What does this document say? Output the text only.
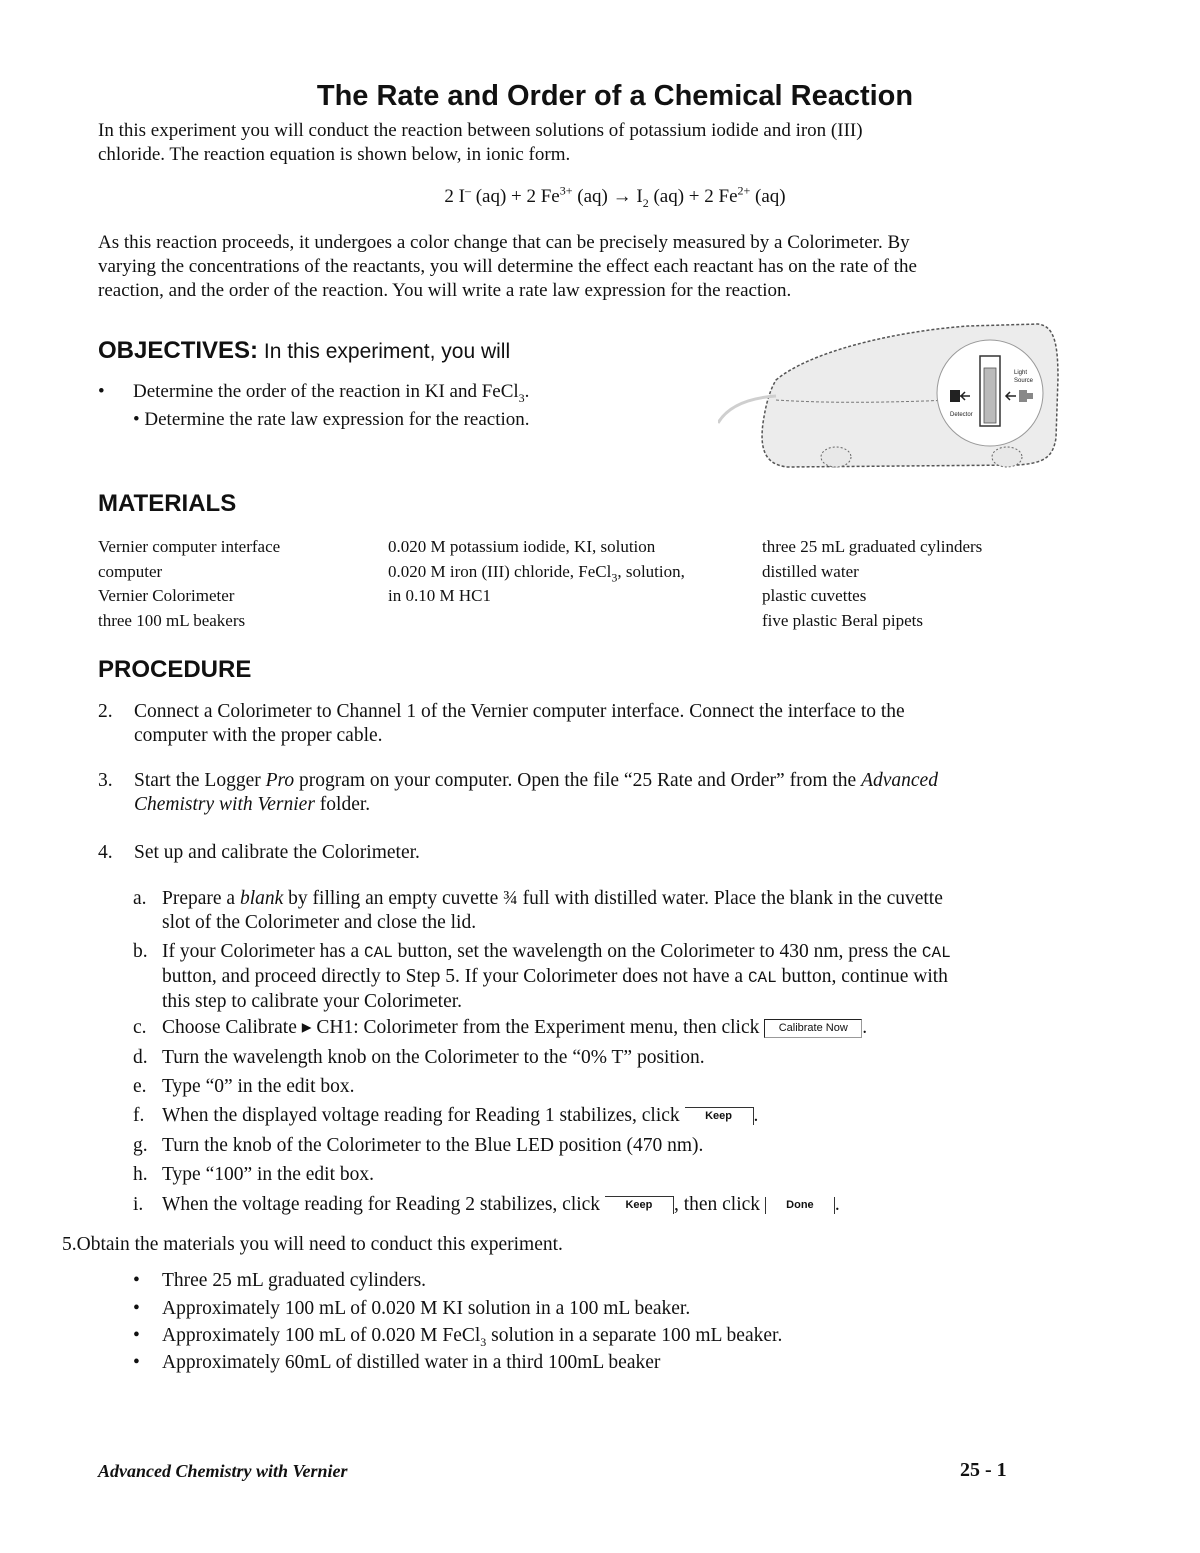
The Rate and Order of a Chemical Reaction
In this experiment you will conduct the reaction between solutions of potassium iodide and iron (III)
chloride. The reaction equation is shown below, in ionic form.
2 I– (aq) + 2 $Fe^{3+}$ $(aq) \to I_2$ (aq) + 2 $Fe^{2+}$ (aq)
As this reaction proceeds, it undergoes a color change that can be precisely measured by a Colorimeter. By
varying the concentrations of the reactants, you will determine the effect each reactant has on the rate of the
reaction, and the order of the reaction. You will write a rate law expression for the reaction.
OBJECTIVES: In this experiment, you will
• Determine the order of the reaction in KI and FeCl$_3$.
• Determine the rate law expression for the reaction.
Light
Source
Detector
MATERIALS
Vernier computer interface
computer
Vernier Colorimeter
three 100 mL beakers
0.020 M potassium iodide, KI, solution
0.020 M iron (III) chloride, FeCl$_3$, solution,
in 0.10 M HC1
three 25 mL graduated cylinders
distilled water
plastic cuvettes
five plastic Beral pipets
PROCEDURE
2. Connect a Colorimeter to Channel 1 of the Vernier computer interface. Connect the interface to the
computer with the proper cable.
3. Start the Logger Pro program on your computer. Open the file “25 Rate and Order” from the Advanced
Chemistry with Vernier folder.
4.	Set up and calibrate the Colorimeter.
a. Prepare a blank by filling an empty cuvette ¾ full with distilled water. Place the blank in the cuvette
slot of the Colorimeter and close the lid.
b. If your Colorimeter has a CAL button, set the wavelength on the Colorimeter to 430 nm, press the CAL
button, and proceed directly to Step 5. If your Colorimeter does not have a CAL button, continue with
this step to calibrate your Colorimeter.
c. Choose Calibrate ▸ CH1: Colorimeter from the Experiment menu, then click Calibrate Now .
d. Turn the wavelength knob on the Colorimeter to the “0% T” position.
e. Type “0” in the edit box.
f. When the displayed voltage reading for Reading 1 stabilizes, click Keep .
g. Turn the knob of the Colorimeter to the Blue LED position (470 nm).
h. Type “100” in the edit box.
i. When the voltage reading for Reading 2 stabilizes, click Keep , then click Done .
5.Obtain the materials you will need to conduct this experiment.
• Three 25 mL graduated cylinders.
• Approximately 100 mL of 0.020 M KI solution in a 100 mL beaker.
• Approximately 100 mL of 0.020 M FeCl$_3$ solution in a separate 100 mL beaker.
• Approximately 60mL of distilled water in a third 100mL beaker
Advanced Chemistry with Vernier	25 - 1
